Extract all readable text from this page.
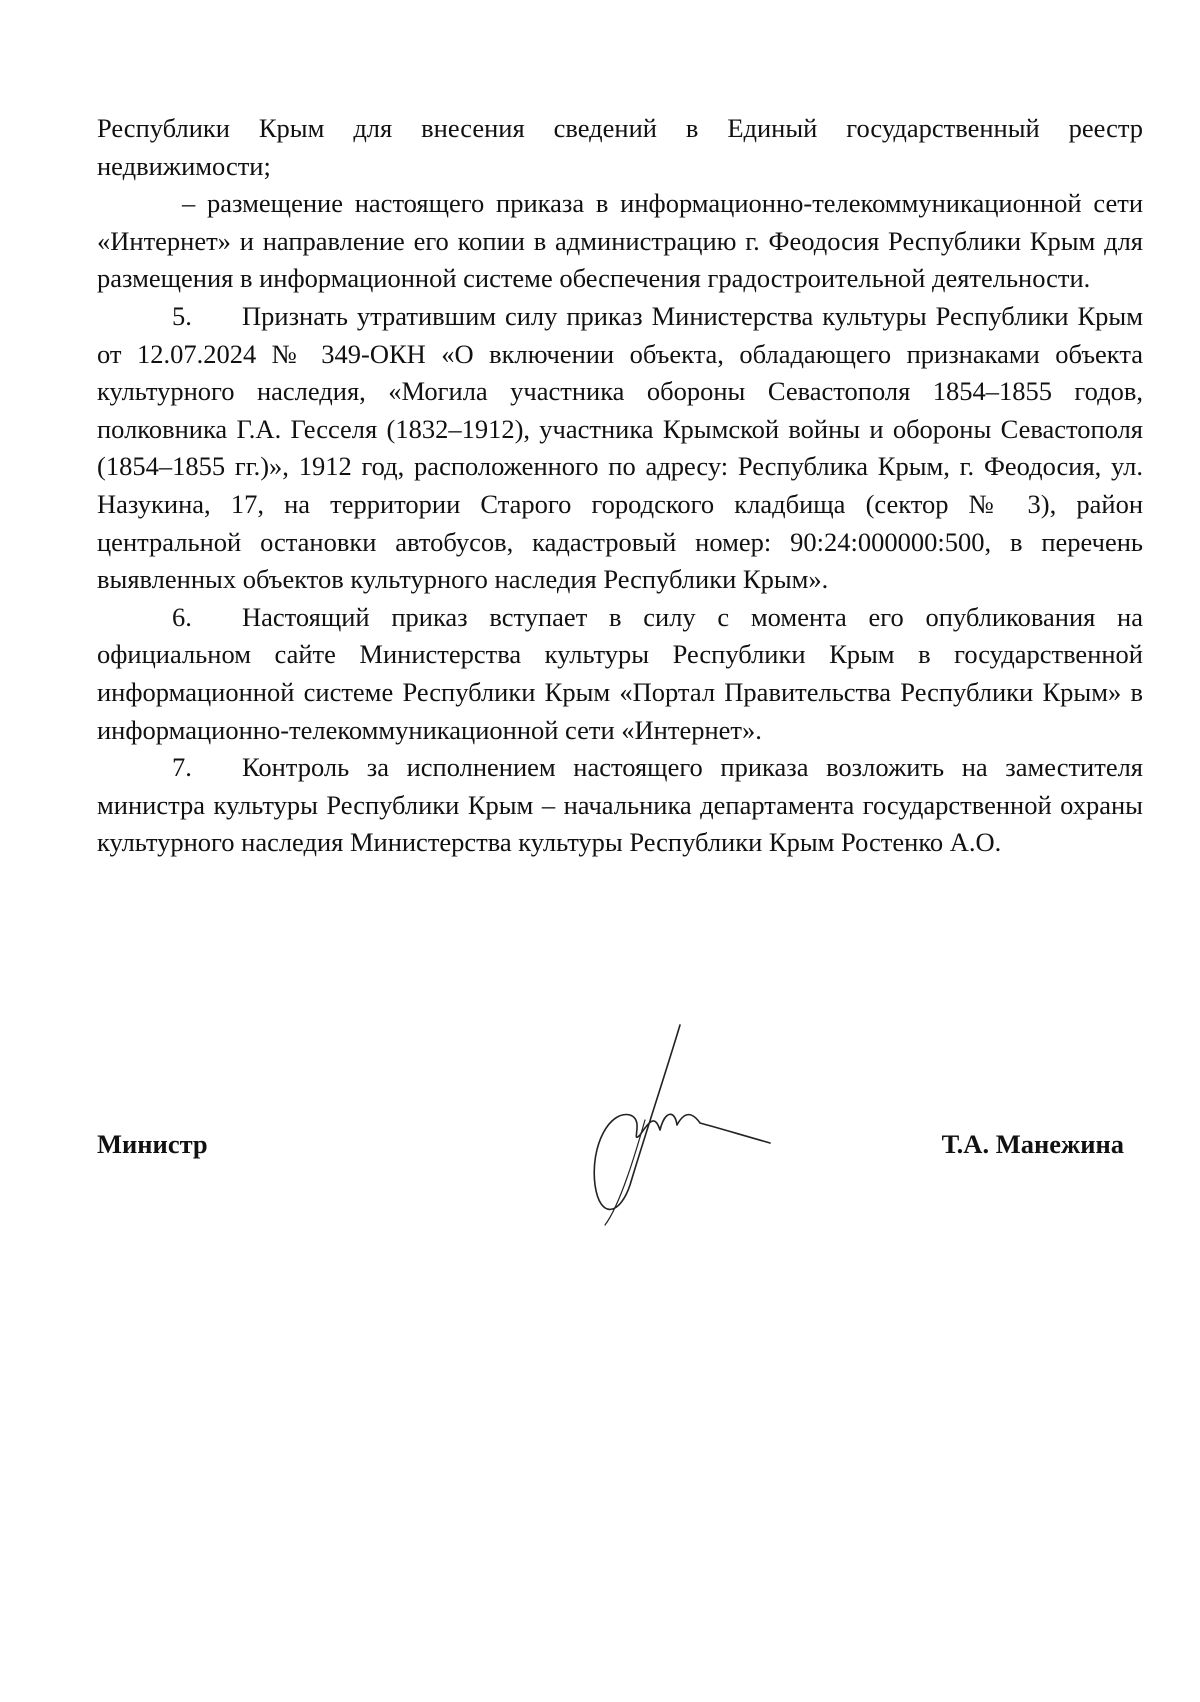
Республики Крым для внесения сведений в Единый государственный реестр недвижимости;

– размещение настоящего приказа в информационно-телекоммуникационной сети «Интернет» и направление его копии в администрацию г. Феодосия Республики Крым для размещения в информационной системе обеспечения градостроительной деятельности.

5. Признать утратившим силу приказ Министерства культуры Республики Крым от 12.07.2024 № 349-ОКН «О включении объекта, обладающего признаками объекта культурного наследия, «Могила участника обороны Севастополя 1854–1855 годов, полковника Г.А. Гесселя (1832–1912), участника Крымской войны и обороны Севастополя (1854–1855 гг.)», 1912 год, расположенного по адресу: Республика Крым, г. Феодосия, ул. Назукина, 17, на территории Старого городского кладбища (сектор № 3), район центральной остановки автобусов, кадастровый номер: 90:24:000000:500, в перечень выявленных объектов культурного наследия Республики Крым».

6. Настоящий приказ вступает в силу с момента его опубликования на официальном сайте Министерства культуры Республики Крым в государственной информационной системе Республики Крым «Портал Правительства Республики Крым» в информационно-телекоммуникационной сети «Интернет».

7. Контроль за исполнением настоящего приказа возложить на заместителя министра культуры Республики Крым – начальника департамента государственной охраны культурного наследия Министерства культуры Республики Крым Ростенко А.О.

Министр	Т.А. Манежина
